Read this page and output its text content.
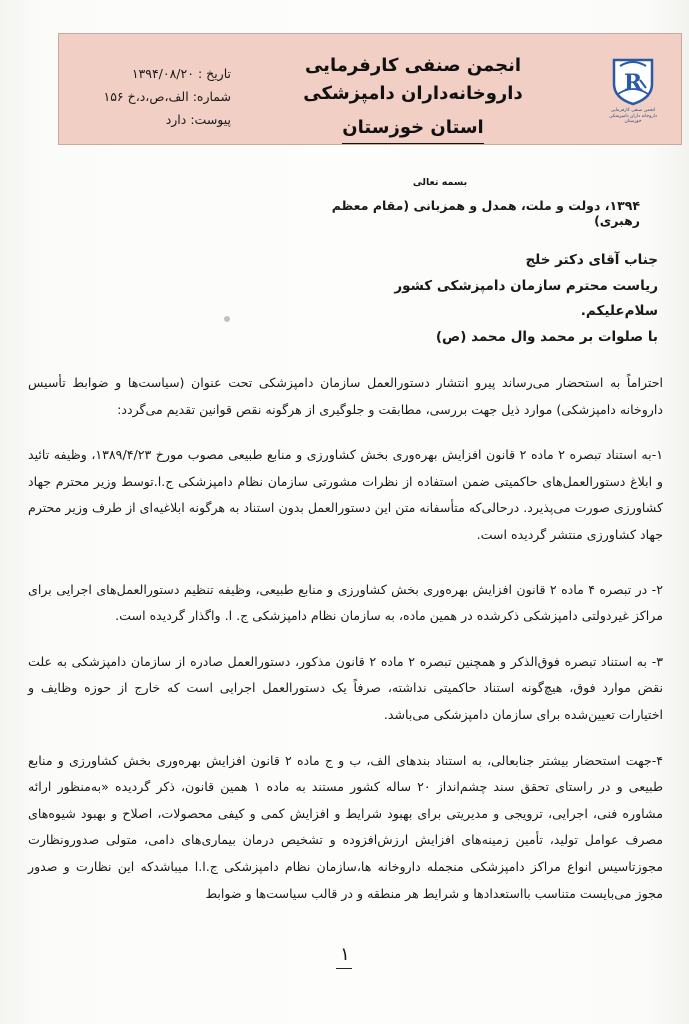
R
انجمن صنفی کارفرمایی داروخانه داران دامپزشکی خوزستان
انجمن صنفی کارفرمایی داروخانه‌داران دامپزشکی
استان خوزستان
تاریخ : ۱۳۹۴/۰۸/۲۰
شماره: الف،ص،د،خ ۱۵۶
پیوست: دارد
بسمه تعالی
۱۳۹۴، دولت و ملت، همدل و همزبانی (مقام معظم رهبری)
جناب آقای دکتر خلج
ریاست محترم سازمان دامپزشکی کشور
سلام‌علیکم.
با صلوات بر محمد وال محمد (ص)

احتراماً به استحضار می‌رساند پیرو انتشار دستورالعمل سازمان دامپزشکی تحت عنوان (سیاست‌ها و ضوابط تأسیس داروخانه دامپزشکی) موارد ذیل جهت بررسی، مطابقت و جلوگیری از هرگونه نقص قوانین تقدیم می‌گردد:

۱-به استناد تبصره ۲ ماده ۲ قانون افزایش بهره‌وری بخش کشاورزی و منابع طبیعی مصوب مورخ ۱۳۸۹/۴/۲۳، وظیفه تائید و ابلاغ دستورالعمل‌های حاکمیتی ضمن استفاده از نظرات مشورتی سازمان نظام دامپزشکی ج.ا.توسط وزیر محترم جهاد کشاورزی صورت می‌پذیرد. درحالی‌که متأسفانه متن این دستورالعمل بدون استناد به هرگونه ابلاغیه‌ای از طرف وزیر محترم جهاد کشاورزی منتشر گردیده است.

۲- در تبصره ۴ ماده ۲ قانون افزایش بهره‌وری بخش کشاورزی و منابع طبیعی، وظیفه تنظیم دستورالعمل‌های اجرایی برای مراکز غیردولتی دامپزشکی ذکرشده در همین ماده، به سازمان نظام دامپزشکی ج. ا. واگذار گردیده است.

۳- به استناد تبصره فوق‌الذکر و همچنین تبصره ۲ ماده ۲ قانون مذکور، دستورالعمل صادره از سازمان دامپزشکی به علت نقض موارد فوق، هیچ‌گونه استناد حاکمیتی نداشته، صرفاً یک دستورالعمل اجرایی است که خارج از حوزه وظایف و اختیارات تعیین‌شده برای سازمان دامپزشکی می‌باشد.

۴-جهت استحضار بیشتر جنابعالی، به استناد بندهای الف، ب و ج ماده ۲ قانون افزایش بهره‌وری بخش کشاورزی و منابع طبیعی و در راستای تحقق سند چشم‌انداز ۲۰ ساله کشور مستند به ماده ۱ همین قانون، ذکر گردیده «به‌منظور ارائه مشاوره فنی، اجرایی، ترویجی و مدیریتی برای بهبود شرایط و افزایش کمی و کیفی محصولات، اصلاح و بهبود شیوه‌های مصرف عوامل تولید، تأمین زمینه‌های افزایش ارزش‌افزوده و تشخیص درمان بیماری‌های دامی، متولی صدورونظارت مجوزتاسیس انواع مراکز دامپزشکی منجمله داروخانه ها،سازمان نظام دامپزشکی ج.ا.ا میباشدکه این نظارت و صدور مجوز می‌بایست متناسب بااستعدادها و شرایط هر منطقه و در قالب سیاست‌ها و ضوابط

۱
